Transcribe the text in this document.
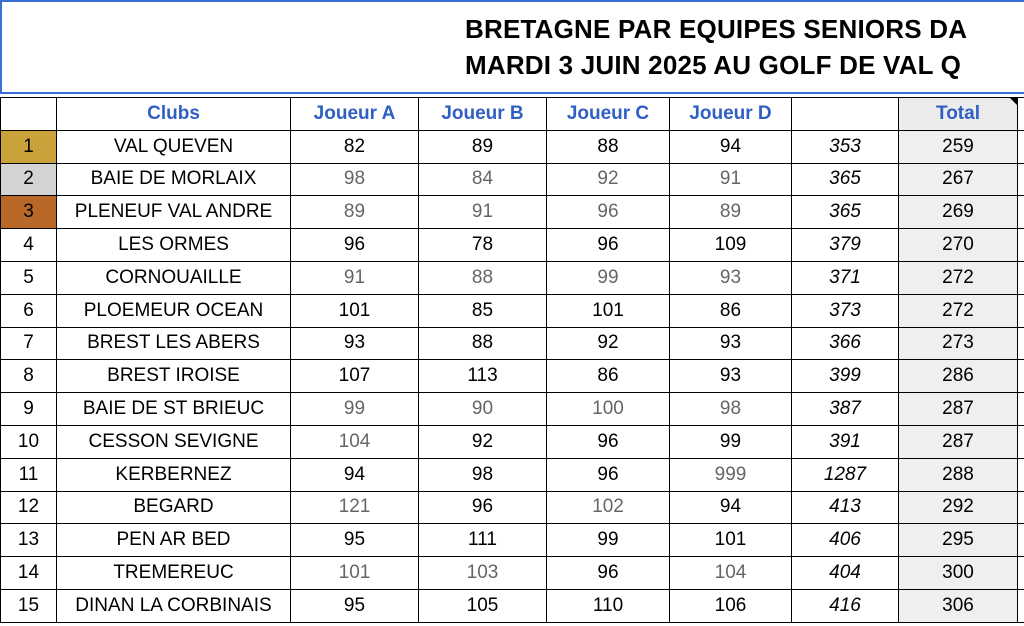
BRETAGNE PAR EQUIPES SENIORS DA
MARDI 3 JUIN 2025 AU GOLF DE VAL Q
	Clubs	Joueur A	Joueur B	Joueur C	Joueur D		Total	
1	VAL QUEVEN	82	89	88	94	353	259	
2	BAIE DE MORLAIX	98	84	92	91	365	267	
3	PLENEUF VAL ANDRE	89	91	96	89	365	269	
4	LES ORMES	96	78	96	109	379	270	
5	CORNOUAILLE	91	88	99	93	371	272	
6	PLOEMEUR OCEAN	101	85	101	86	373	272	
7	BREST LES ABERS	93	88	92	93	366	273	
8	BREST IROISE	107	113	86	93	399	286	
9	BAIE DE ST BRIEUC	99	90	100	98	387	287	
10	CESSON SEVIGNE	104	92	96	99	391	287	
11	KERBERNEZ	94	98	96	999	1287	288	
12	BEGARD	121	96	102	94	413	292	
13	PEN AR BED	95	111	99	101	406	295	
14	TREMEREUC	101	103	96	104	404	300	
15	DINAN LA CORBINAIS	95	105	110	106	416	306	
